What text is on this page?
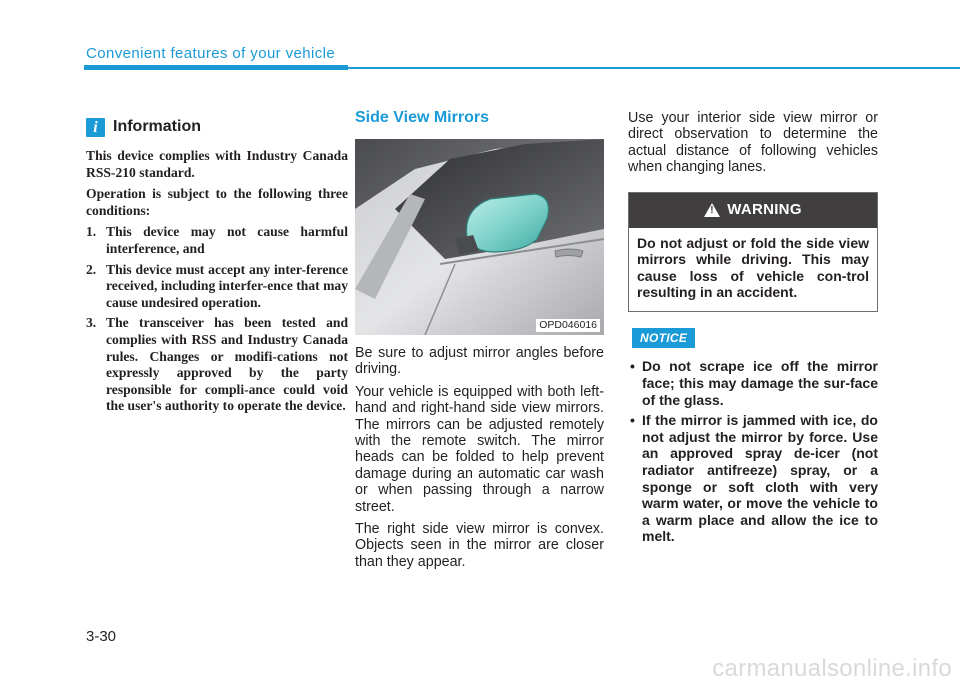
Convenient features of your vehicle
i Information

This device complies with Industry Canada RSS-210 standard.

Operation is subject to the following three conditions:

1. This device may not cause harmful interference, and
2. This device must accept any inter-ference received, including interfer-ence that may cause undesired operation.
3. The transceiver has been tested and complies with RSS and Industry Canada rules. Changes or modifi-cations not expressly approved by the party responsible for compli-ance could void the user's authority to operate the device.
Side View Mirrors
OPD046016

Be sure to adjust mirror angles before driving.

Your vehicle is equipped with both left-hand and right-hand side view mirrors. The mirrors can be adjusted remotely with the remote switch. The mirror heads can be folded to help prevent damage during an automatic car wash or when passing through a narrow street.

The right side view mirror is convex. Objects seen in the mirror are closer than they appear.

Use your interior side view mirror or direct observation to determine the actual distance of following vehicles when changing lanes.

! WARNING
Do not adjust or fold the side view mirrors while driving. This may cause loss of vehicle con-trol resulting in an accident.
NOTICE
• Do not scrape ice off the mirror face; this may damage the sur-face of the glass.
• If the mirror is jammed with ice, do not adjust the mirror by force. Use an approved spray de-icer (not radiator antifreeze) spray, or a sponge or soft cloth with very warm water, or move the vehicle to a warm place and allow the ice to melt.
3-30
carmanualsonline.info
